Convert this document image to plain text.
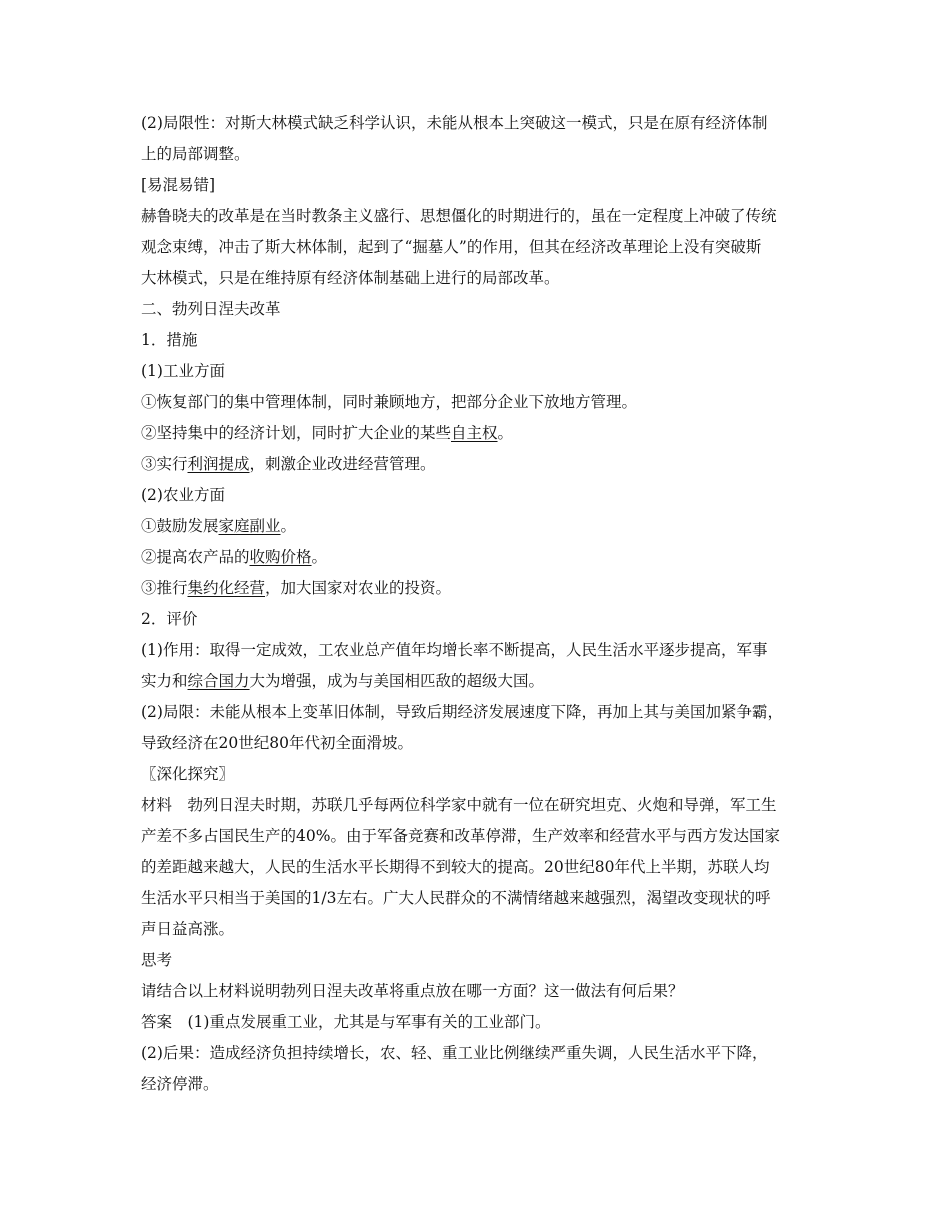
(2)局限性：对斯大林模式缺乏科学认识，未能从根本上突破这一模式，只是在原有经济体制
上的局部调整。
[易混易错]
赫鲁晓夫的改革是在当时教条主义盛行、思想僵化的时期进行的，虽在一定程度上冲破了传统
观念束缚，冲击了斯大林体制，起到了“掘墓人”的作用，但其在经济改革理论上没有突破斯
大林模式，只是在维持原有经济体制基础上进行的局部改革。
二、勃列日涅夫改革
1．措施
(1)工业方面
①恢复部门的集中管理体制，同时兼顾地方，把部分企业下放地方管理。
②坚持集中的经济计划，同时扩大企业的某些自主权。
③实行利润提成，刺激企业改进经营管理。
(2)农业方面
①鼓励发展家庭副业。
②提高农产品的收购价格。
③推行集约化经营，加大国家对农业的投资。
2．评价
(1)作用：取得一定成效，工农业总产值年均增长率不断提高，人民生活水平逐步提高，军事
实力和综合国力大为增强，成为与美国相匹敌的超级大国。
(2)局限：未能从根本上变革旧体制，导致后期经济发展速度下降，再加上其与美国加紧争霸，
导致经济在20世纪80年代初全面滑坡。
〖深化探究〗
材料　勃列日涅夫时期，苏联几乎每两位科学家中就有一位在研究坦克、火炮和导弹，军工生
产差不多占国民生产的40%。由于军备竞赛和改革停滞，生产效率和经营水平与西方发达国家
的差距越来越大，人民的生活水平长期得不到较大的提高。20世纪80年代上半期，苏联人均
生活水平只相当于美国的1/3左右。广大人民群众的不满情绪越来越强烈，渴望改变现状的呼
声日益高涨。
思考
请结合以上材料说明勃列日涅夫改革将重点放在哪一方面？这一做法有何后果？
答案　(1)重点发展重工业，尤其是与军事有关的工业部门。
(2)后果：造成经济负担持续增长，农、轻、重工业比例继续严重失调，人民生活水平下降，
经济停滞。
